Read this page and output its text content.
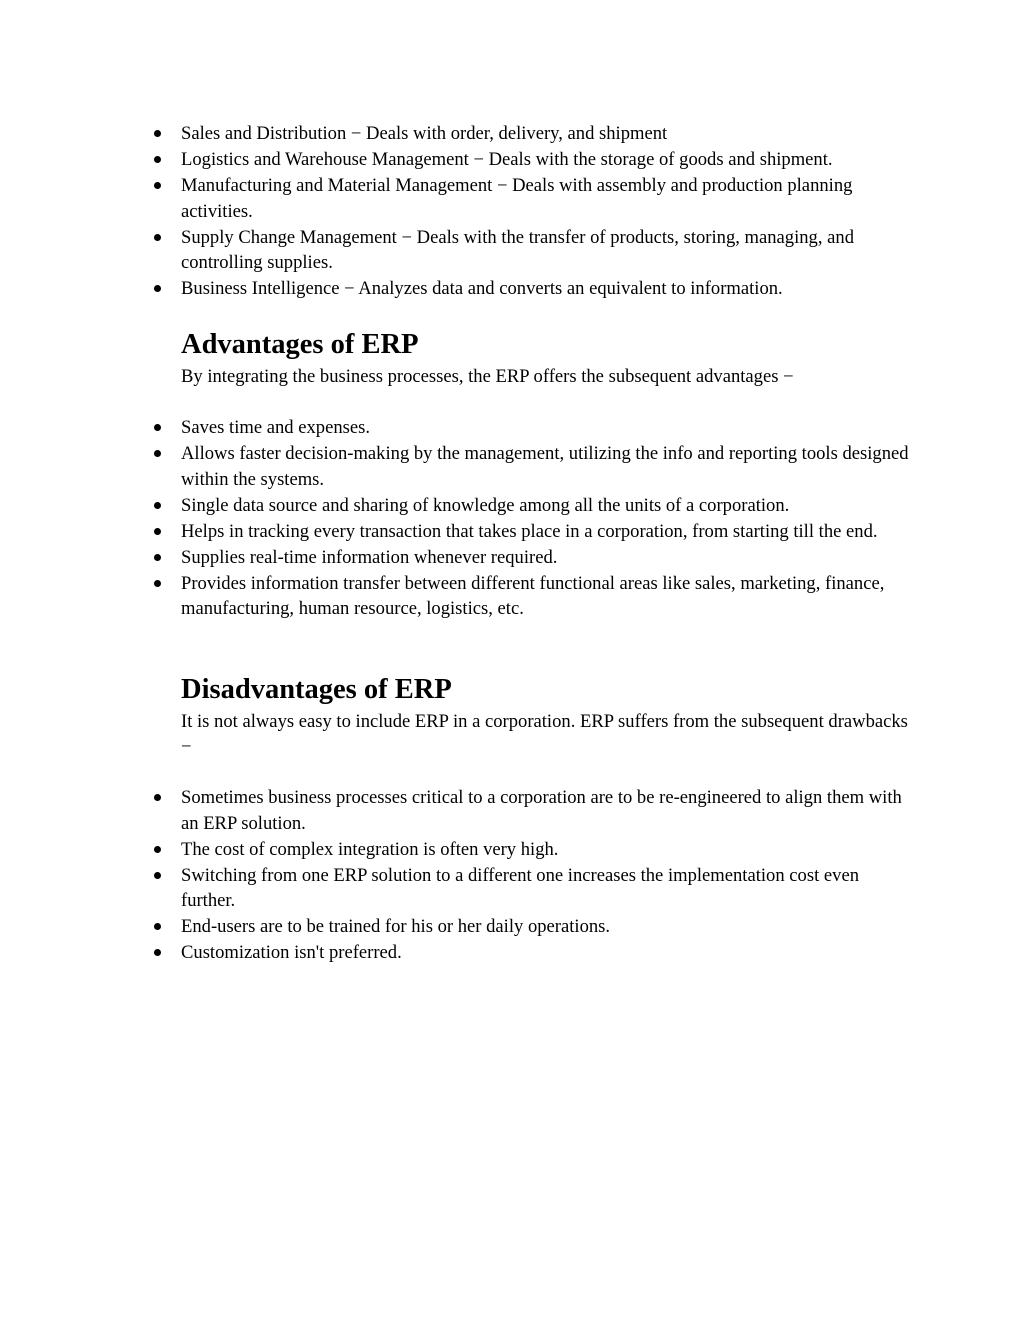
Sales and Distribution − Deals with order, delivery, and shipment
Logistics and Warehouse Management − Deals with the storage of goods and shipment.
Manufacturing and Material Management − Deals with assembly and production planning activities.
Supply Change Management − Deals with the transfer of products, storing, managing, and controlling supplies.
Business Intelligence − Analyzes data and converts an equivalent to information.
Advantages of ERP

By integrating the business processes, the ERP offers the subsequent advantages −

Saves time and expenses.
Allows faster decision-making by the management, utilizing the info and reporting tools designed within the systems.
Single data source and sharing of knowledge among all the units of a corporation.
Helps in tracking every transaction that takes place in a corporation, from starting till the end.
Supplies real-time information whenever required.
Provides information transfer between different functional areas like sales, marketing, finance, manufacturing, human resource, logistics, etc.
Disadvantages of ERP

It is not always easy to include ERP in a corporation. ERP suffers from the subsequent drawbacks −

Sometimes business processes critical to a corporation are to be re-engineered to align them with an ERP solution.
The cost of complex integration is often very high.
Switching from one ERP solution to a different one increases the implementation cost even further.
End-users are to be trained for his or her daily operations.
Customization isn't preferred.
